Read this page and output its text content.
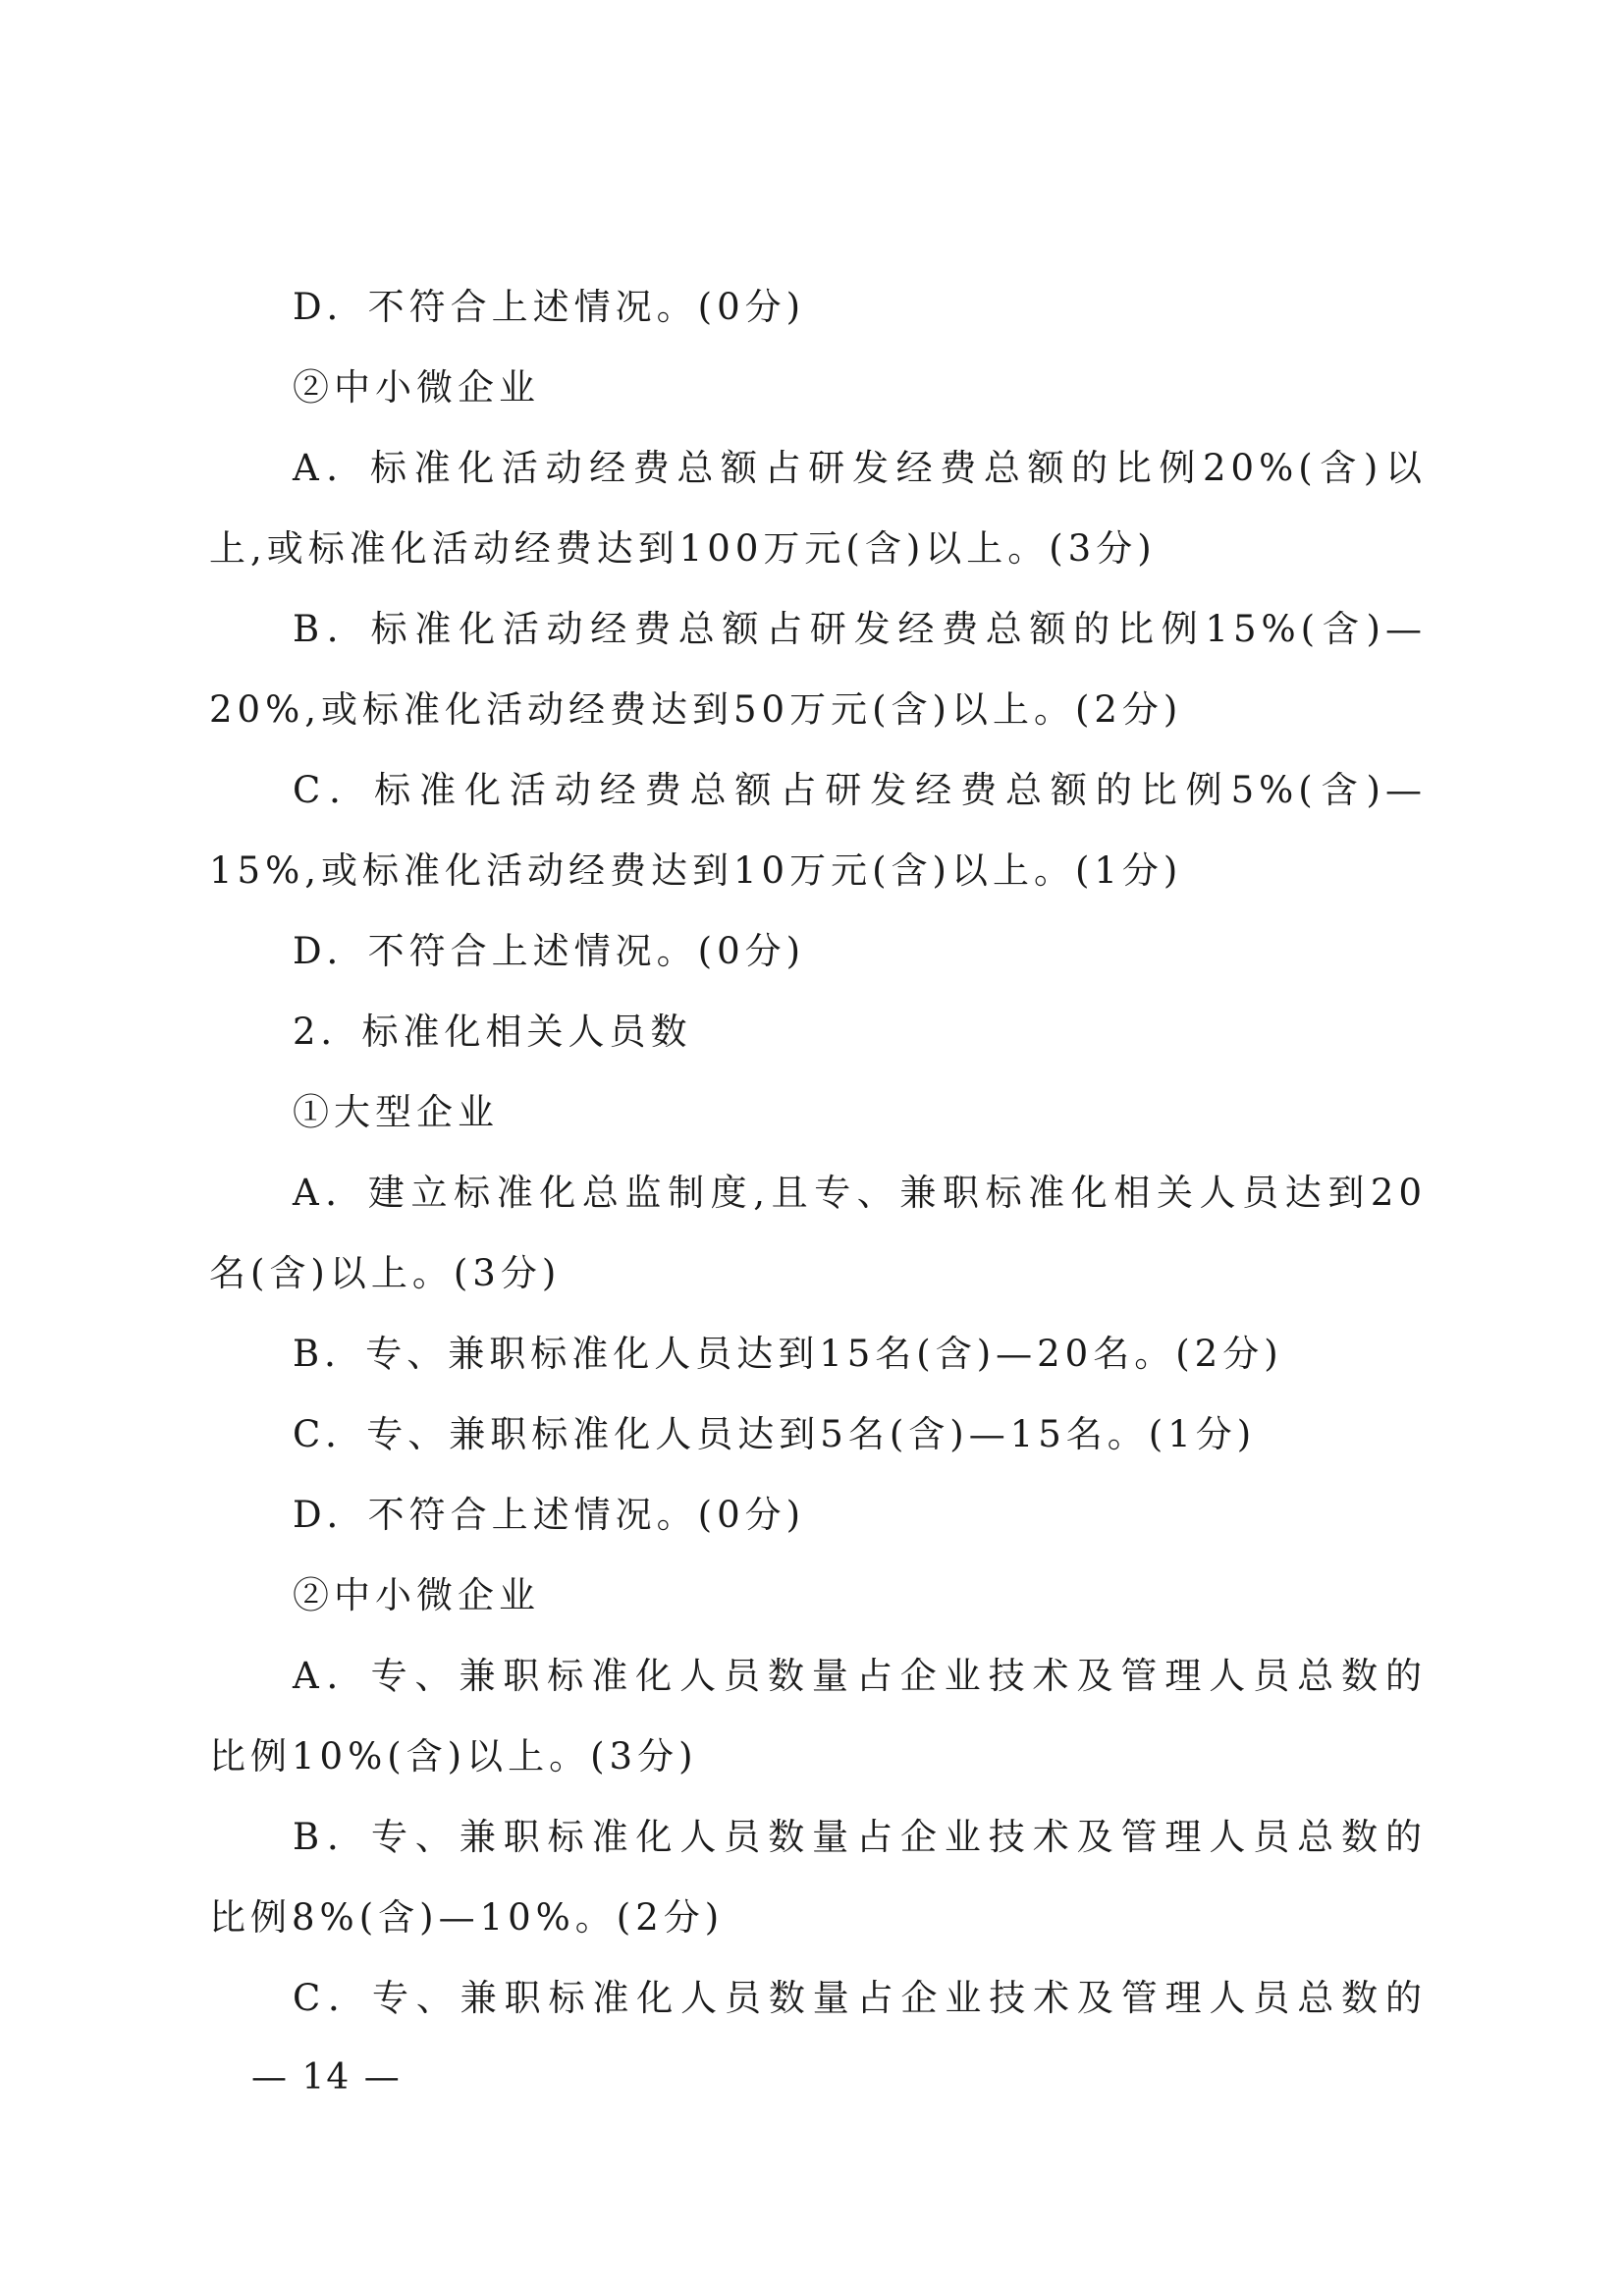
D．不符合上述情况。(0分)
②中小微企业
A．标准化活动经费总额占研发经费总额的比例20%(含)以
上,或标准化活动经费达到100万元(含)以上。(3分)
B．标准化活动经费总额占研发经费总额的比例15%(含)—
20%,或标准化活动经费达到50万元(含)以上。(2分)
C．标准化活动经费总额占研发经费总额的比例5%(含)—
15%,或标准化活动经费达到10万元(含)以上。(1分)
D．不符合上述情况。(0分)
2．标准化相关人员数
①大型企业
A．建立标准化总监制度,且专、兼职标准化相关人员达到20
名(含)以上。(3分)
B．专、兼职标准化人员达到15名(含)—20名。(2分)
C．专、兼职标准化人员达到5名(含)—15名。(1分)
D．不符合上述情况。(0分)
②中小微企业
A．专、兼职标准化人员数量占企业技术及管理人员总数的
比例10%(含)以上。(3分)
B．专、兼职标准化人员数量占企业技术及管理人员总数的
比例8%(含)—10%。(2分)
C．专、兼职标准化人员数量占企业技术及管理人员总数的
— 14 —
